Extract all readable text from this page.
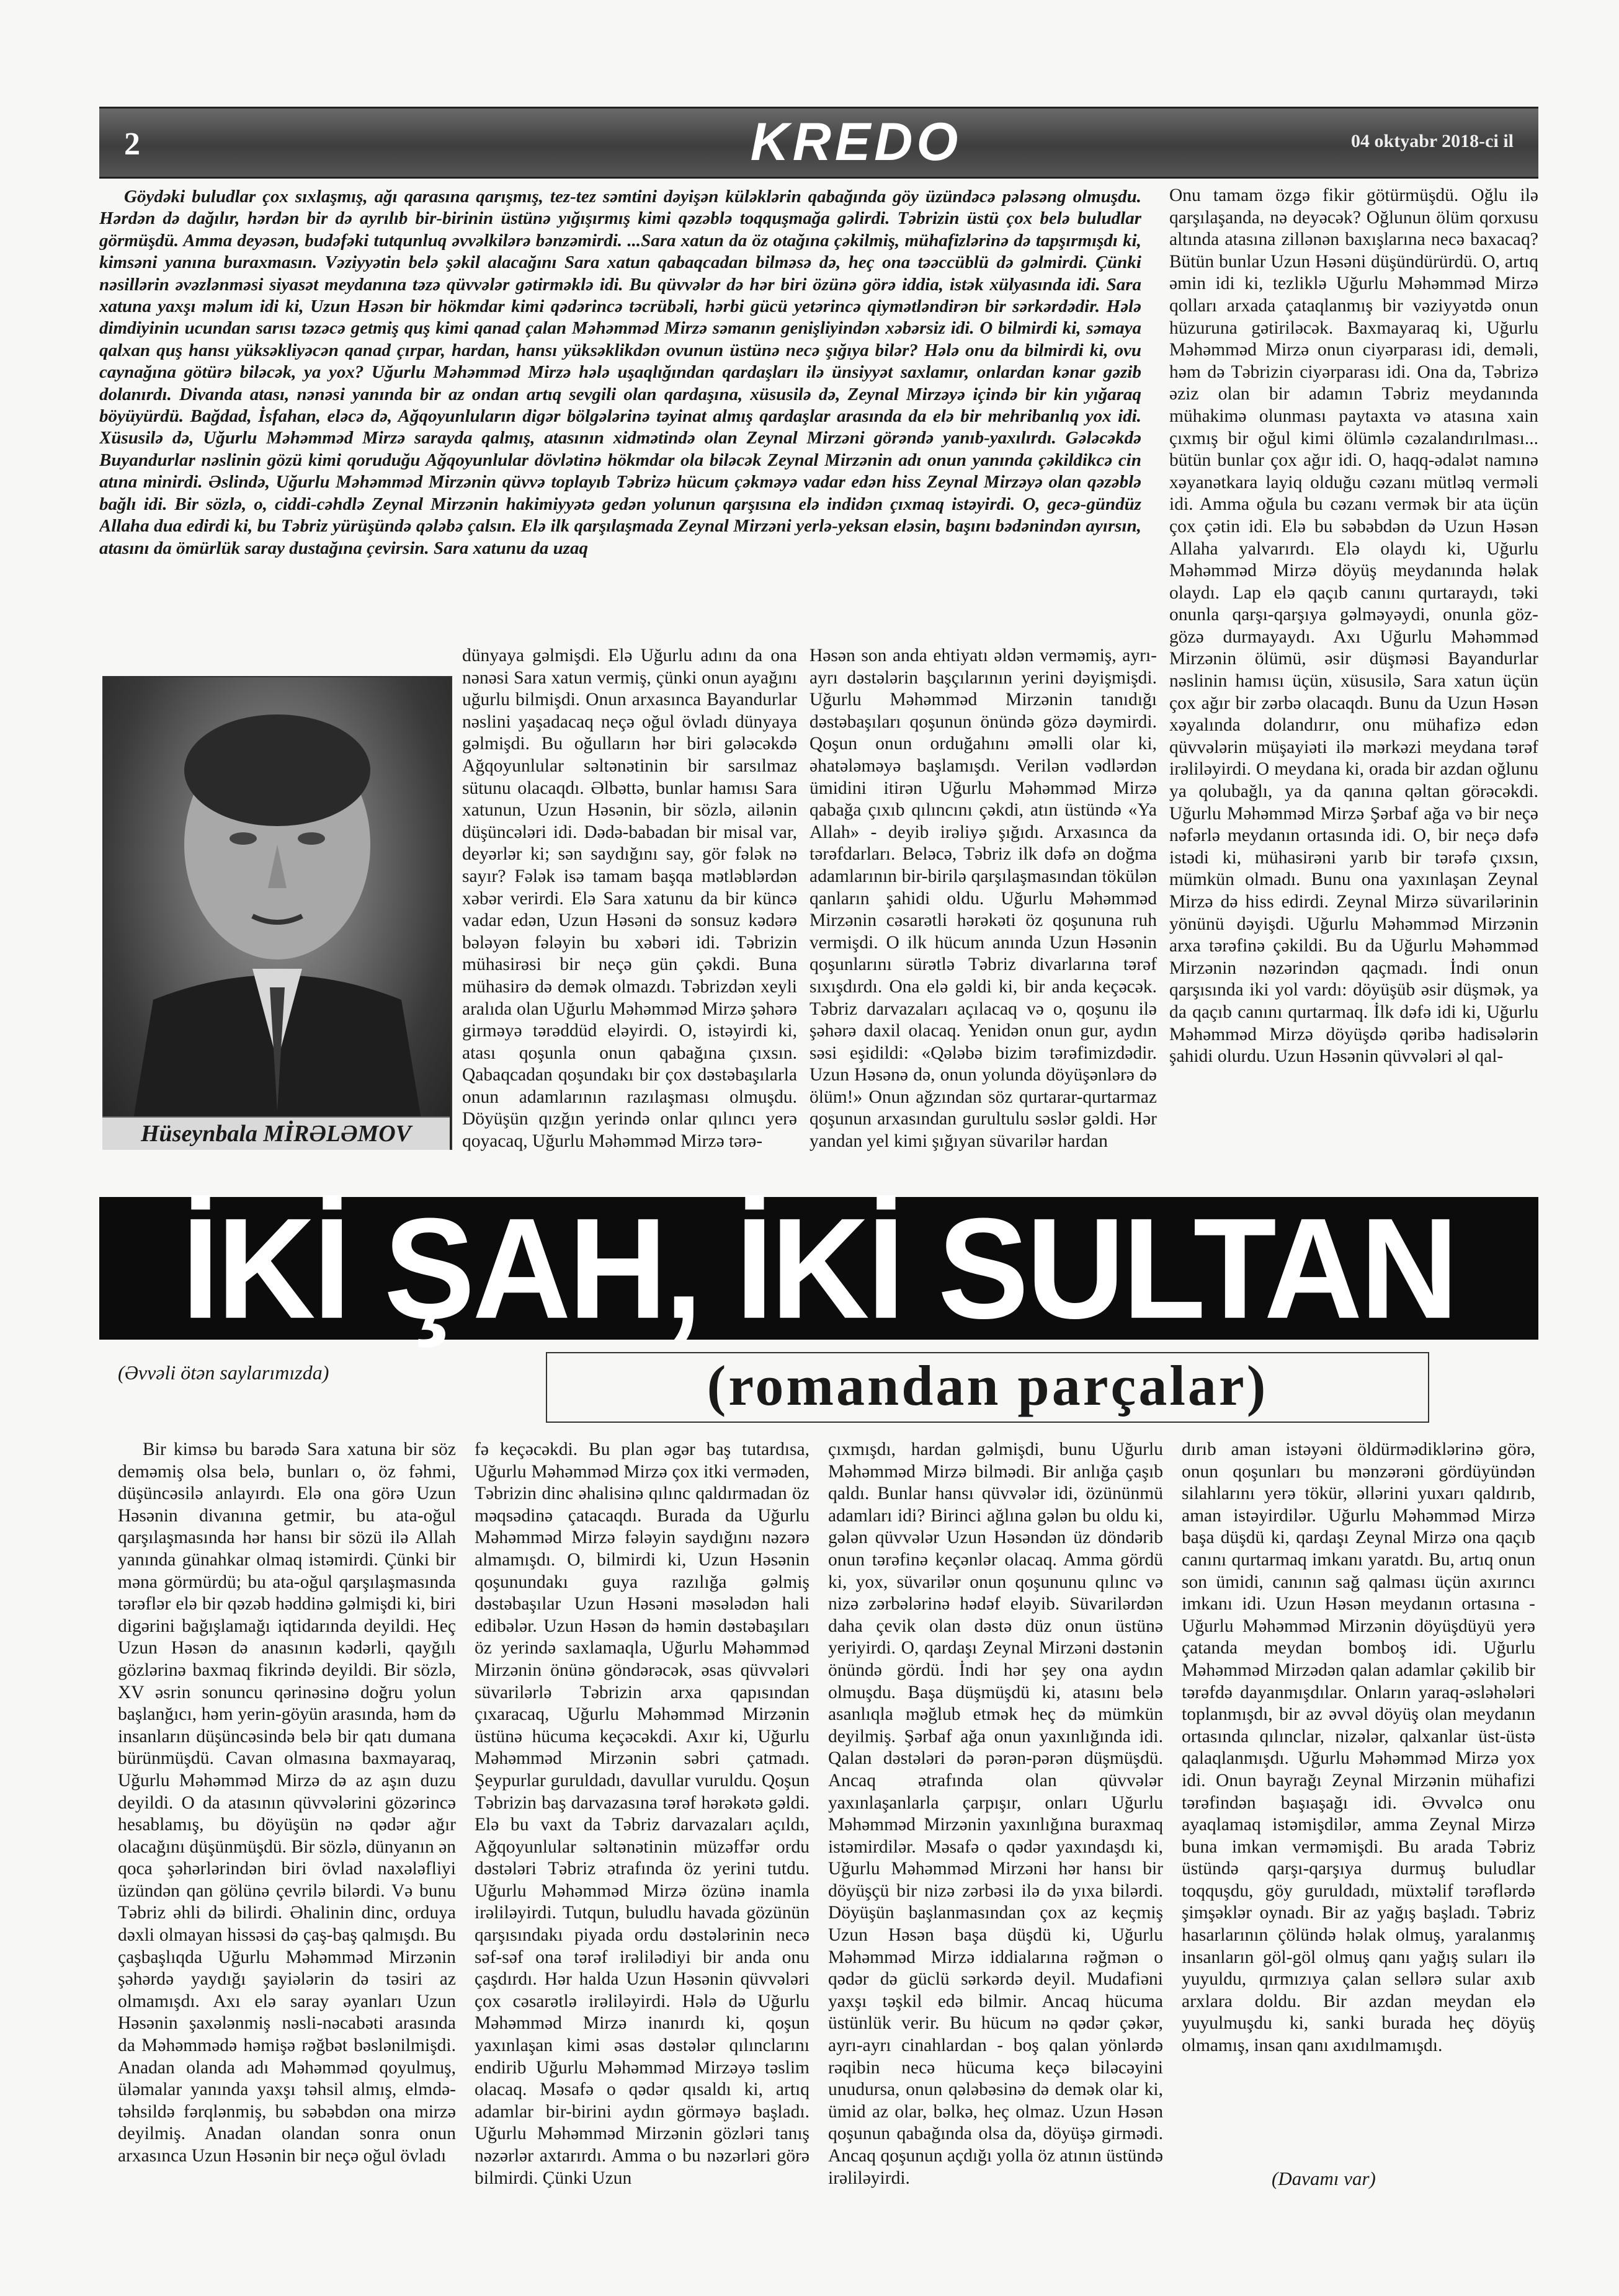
2	KREDO	04 oktyabr 2018-ci il

Göydəki buludlar çox sıxlaşmış, ağı qarasına qarışmış, tez-tez səmtini dəyişən küləklərin qabağında göy üzündəcə pələsəng olmuşdu. Hərdən də dağılır, hərdən bir də ayrılıb bir-birinin üstünə yığışırmış kimi qəzəblə toqquşmağa gəlirdi. Təbrizin üstü çox belə buludlar görmüşdü. Amma deyəsən, budəfəki tutqunluq əvvəlkilərə bənzəmirdi. ...Sara xatun da öz otağına çəkilmiş, mühafizlərinə də tapşırmışdı ki, kimsəni yanına buraxmasın. Vəziyyətin belə şəkil alacağını Sara xatun qabaqcadan bilməsə də, heç ona təəccüblü də gəlmirdi. Çünki nəsillərin əvəzlənməsi siyasət meydanına təzə qüvvələr gətirməklə idi. Bu qüvvələr də hər biri özünə görə iddia, istək xülyasında idi. Sara xatuna yaxşı məlum idi ki, Uzun Həsən bir hökmdar kimi qədərincə təcrübəli, hərbi gücü yetərincə qiymətləndirən bir sərkərdədir. Hələ dimdiyinin ucundan sarısı təzəcə getmiş quş kimi qanad çalan Məhəmməd Mirzə səmanın genişliyindən xəbərsiz idi. O bilmirdi ki, səmaya qalxan quş hansı yüksəkliyəcən qanad çırpar, hardan, hansı yüksəklikdən ovunun üstünə necə şığıya bilər? Hələ onu da bilmirdi ki, ovu caynağına götürə biləcək, ya yox? Uğurlu Məhəmməd Mirzə hələ uşaqlığından qardaşları ilə ünsiyyət saxlamır, onlardan kənar gəzib dolanırdı. Divanda atası, nənəsi yanında bir az ondan artıq sevgili olan qardaşına, xüsusilə də, Zeynal Mirzəyə içində bir kin yığaraq böyüyürdü. Bağdad, İsfahan, eləcə də, Ağqoyunluların digər bölgələrinə təyinat almış qardaşlar arasında da elə bir mehribanlıq yox idi. Xüsusilə də, Uğurlu Məhəmməd Mirzə sarayda qalmış, atasının xidmətində olan Zeynal Mirzəni görəndə yanıb-yaxılırdı. Gələcəkdə Buyandurlar nəslinin gözü kimi qoruduğu Ağqoyunlular dövlətinə hökmdar ola biləcək Zeynal Mirzənin adı onun yanında çəkildikcə cin atına minirdi. Əslində, Uğurlu Məhəmməd Mirzənin qüvvə toplayıb Təbrizə hücum çəkməyə vadar edən hiss Zeynal Mirzəyə olan qəzəblə bağlı idi. Bir sözlə, o, ciddi-cəhdlə Zeynal Mirzənin hakimiyyətə gedən yolunun qarşısına elə indidən çıxmaq istəyirdi. O, gecə-gündüz Allaha dua edirdi ki, bu Təbriz yürüşündə qələbə çalsın. Elə ilk qarşılaşmada Zeynal Mirzəni yerlə-yeksan eləsin, başını bədənindən ayırsın, atasını da ömürlük saray dustağına çevirsin. Sara xatunu da uzaq

Onu tamam özgə fikir götürmüşdü. Oğlu ilə qarşılaşanda, nə deyəcək? Oğlunun ölüm qorxusu altında atasına zillənən baxışlarına necə baxacaq? Bütün bunlar Uzun Həsəni düşündürürdü. O, artıq əmin idi ki, tezliklə Uğurlu Məhəmməd Mirzə qolları arxada çataqlanmış bir vəziyyətdə onun hüzuruna gətiriləcək. Baxmayaraq ki, Uğurlu Məhəmməd Mirzə onun ciyərparası idi, deməli, həm də Təbrizin ciyərparası idi. Ona da, Təbrizə əziz olan bir adamın Təbriz meydanında mühakimə olunması paytaxta və atasına xain çıxmış bir oğul kimi ölümlə cəzalandırılması... bütün bunlar çox ağır idi. O, haqq-ədalət namınə xəyanətkara layiq olduğu cəzanı mütləq verməli idi. Amma oğula bu cəzanı vermək bir ata üçün çox çətin idi. Elə bu səbəbdən də Uzun Həsən Allaha yalvarırdı. Elə olaydı ki, Uğurlu Məhəmməd Mirzə döyüş meydanında həlak olaydı. Lap elə qaçıb canını qurtaraydı, təki onunla qarşı-qarşıya gəlməyəydi, onunla göz-gözə durmayaydı. Axı Uğurlu Məhəmməd Mirzənin ölümü, əsir düşməsi Bayandurlar nəslinin hamısı üçün, xüsusilə, Sara xatun üçün çox ağır bir zərbə olacaqdı. Bunu da Uzun Həsən xəyalında dolandırır, onu mühafizə edən qüvvələrin müşayiəti ilə mərkəzi meydana tərəf irəliləyirdi. O meydana ki, orada bir azdan oğlunu ya qolubağlı, ya da qanına qəltan görəcəkdi. Uğurlu Məhəmməd Mirzə Şərbaf ağa və bir neçə nəfərlə meydanın ortasında idi. O, bir neçə dəfə istədi ki, mühasirəni yarıb bir tərəfə çıxsın, mümkün olmadı. Bunu ona yaxınlaşan Zeynal Mirzə də hiss edirdi. Zeynal Mirzə süvarilərinin yönünü dəyişdi. Uğurlu Məhəmməd Mirzənin arxa tərəfinə çəkildi. Bu da Uğurlu Məhəmməd Mirzənin nəzərindən qaçmadı. İndi onun qarşısında iki yol vardı: döyüşüb əsir düşmək, ya da qaçıb canını qurtarmaq. İlk dəfə idi ki, Uğurlu Məhəmməd Mirzə döyüşdə qəribə hadisələrin şahidi olurdu. Uzun Həsənin qüvvələri əl qal-

Hüseynbala MİRƏLƏMOV

dünyaya gəlmişdi. Elə Uğurlu adını da ona nənəsi Sara xatun vermiş, çünki onun ayağını uğurlu bilmişdi. Onun arxasınca Bayandurlar nəslini yaşadacaq neçə oğul övladı dünyaya gəlmişdi. Bu oğulların hər biri gələcəkdə Ağqoyunlular səltənətinin bir sarsılmaz sütunu olacaqdı. Əlbəttə, bunlar hamısı Sara xatunun, Uzun Həsənin, bir sözlə, ailənin düşüncələri idi. Dədə-babadan bir misal var, deyərlər ki; sən saydığını say, gör fələk nə sayır? Fələk isə tamam başqa mətləblərdən xəbər verirdi. Elə Sara xatunu da bir küncə vadar edən, Uzun Həsəni də sonsuz kədərə bələyən fələyin bu xəbəri idi. Təbrizin mühasirəsi bir neçə gün çəkdi. Buna mühasirə də demək olmazdı. Təbrizdən xeyli aralıda olan Uğurlu Məhəmməd Mirzə şəhərə girməyə tərəddüd eləyirdi. O, istəyirdi ki, atası qoşunla onun qabağına çıxsın. Qabaqcadan qoşundakı bir çox dəstəbaşılarla onun adamlarının razılaşması olmuşdu. Döyüşün qızğın yerində onlar qılıncı yerə qoyacaq, Uğurlu Məhəmməd Mirzə tərə-

Həsən son anda ehtiyatı əldən verməmiş, ayrı-ayrı dəstələrin başçılarının yerini dəyişmişdi. Uğurlu Məhəmməd Mirzənin tanıdığı dəstəbaşıları qoşunun önündə gözə dəymirdi. Qoşun onun orduğahını əməlli olar ki, əhatələməyə başlamışdı. Verilən vədlərdən ümidini itirən Uğurlu Məhəmməd Mirzə qabağa çıxıb qılıncını çəkdi, atın üstündə «Ya Allah» - deyib irəliyə şığıdı. Arxasınca da tərəfdarları. Beləcə, Təbriz ilk dəfə ən doğma adamlarının bir-birilə qarşılaşmasından tökülən qanların şahidi oldu. Uğurlu Məhəmməd Mirzənin cəsarətli hərəkəti öz qoşununa ruh vermişdi. O ilk hücum anında Uzun Həsənin qoşunlarını sürətlə Təbriz divarlarına tərəf sıxışdırdı. Ona elə gəldi ki, bir anda keçəcək. Təbriz darvazaları açılacaq və o, qoşunu ilə şəhərə daxil olacaq. Yenidən onun gur, aydın səsi eşidildi: «Qələbə bizim tərəfimizdədir. Uzun Həsənə də, onun yolunda döyüşənlərə də ölüm!» Onun ağzından söz qurtarar-qurtarmaz qoşunun arxasından gurultulu səslər gəldi. Hər yandan yel kimi şığıyan süvarilər hardan

İKİ ŞAH, İKİ SULTAN
(Əvvəli ötən saylarımızda)	(romandan parçalar)

Bir kimsə bu barədə Sara xatuna bir söz deməmiş olsa belə, bunları o, öz fəhmi, düşüncəsilə anlayırdı. Elə ona görə Uzun Həsənin divanına getmir, bu ata-oğul qarşılaşmasında hər hansı bir sözü ilə Allah yanında günahkar olmaq istəmirdi. Çünki bir məna görmürdü; bu ata-oğul qarşılaşmasında tərəflər elə bir qəzəb həddinə gəlmişdi ki, biri digərini bağışlamağı iqtidarında deyildi. Heç Uzun Həsən də anasının kədərli, qayğılı gözlərinə baxmaq fikrində deyildi. Bir sözlə, XV əsrin sonuncu qərinəsinə doğru yolun başlanğıcı, həm yerin-göyün arasında, həm də insanların düşüncəsində belə bir qatı dumana bürünmüşdü. Cavan olmasına baxmayaraq, Uğurlu Məhəmməd Mirzə də az aşın duzu deyildi. O da atasının qüvvələrini gözərincə hesablamış, bu döyüşün nə qədər ağır olacağını düşünmüşdü. Bir sözlə, dünyanın ən qoca şəhərlərindən biri övlad naxələfliyi üzündən qan gölünə çevrilə bilərdi. Və bunu Təbriz əhli də bilirdi. Əhalinin dinc, orduya dəxli olmayan hissəsi də çaş-baş qalmışdı. Bu çaşbaşlıqda Uğurlu Məhəmməd Mirzənin şəhərdə yaydığı şayiələrin də təsiri az olmamışdı. Axı elə saray əyanları Uzun Həsənin şaxələnmiş nəsli-nəcabəti arasında da Məhəmmədə həmişə rəğbət bəslənilmişdi. Anadan olanda adı Məhəmməd qoyulmuş, üləmalar yanında yaxşı təhsil almış, elmdə-təhsildə fərqlənmiş, bu səbəbdən ona mirzə deyilmiş. Anadan olandan sonra onun arxasınca Uzun Həsənin bir neçə oğul övladı

fə keçəcəkdi. Bu plan əgər baş tutardısa, Uğurlu Məhəmməd Mirzə çox itki verməden, Təbrizin dinc əhalisinə qılınc qaldırmadan öz məqsədinə çatacaqdı. Burada da Uğurlu Məhəmməd Mirzə fələyin saydığını nəzərə almamışdı. O, bilmirdi ki, Uzun Həsənin qoşunundakı guya razılığa gəlmiş dəstəbaşılar Uzun Həsəni məsələdən hali edibələr. Uzun Həsən də həmin dəstəbaşıları öz yerində saxlamaqla, Uğurlu Məhəmməd Mirzənin önünə göndərəcək, əsas qüvvələri süvarilərlə Təbrizin arxa qapısından çıxaracaq, Uğurlu Məhəmməd Mirzənin üstünə hücuma keçəcəkdi. Axır ki, Uğurlu Məhəmməd Mirzənin səbri çatmadı. Şeypurlar guruldadı, davullar vuruldu. Qoşun Təbrizin baş darvazasına tərəf hərəkətə gəldi. Elə bu vaxt da Təbriz darvazaları açıldı, Ağqoyunlular səltənətinin müzəffər ordu dəstələri Təbriz ətrafında öz yerini tutdu. Uğurlu Məhəmməd Mirzə özünə inamla irəliləyirdi. Tutqun, buludlu havada gözünün qarşısındakı piyada ordu dəstələrinin necə səf-səf ona tərəf irəlilədiyi bir anda onu çaşdırdı. Hər halda Uzun Həsənin qüvvələri çox cəsarətlə irəliləyirdi. Hələ də Uğurlu Məhəmməd Mirzə inanırdı ki, qoşun yaxınlaşan kimi əsas dəstələr qılınclarını endirib Uğurlu Məhəmməd Mirzəyə təslim olacaq. Məsafə o qədər qısaldı ki, artıq adamlar bir-birini aydın görməyə başladı. Uğurlu Məhəmməd Mirzənin gözləri tanış nəzərlər axtarırdı. Amma o bu nəzərləri görə bilmirdi. Çünki Uzun

çıxmışdı, hardan gəlmişdi, bunu Uğurlu Məhəmməd Mirzə bilmədi. Bir anlığa çaşıb qaldı. Bunlar hansı qüvvələr idi, özününmü adamları idi? Birinci ağlına gələn bu oldu ki, gələn qüvvələr Uzun Həsəndən üz döndərib onun tərəfinə keçənlər olacaq. Amma gördü ki, yox, süvarilər onun qoşununu qılınc və nizə zərbələrinə hədəf eləyib. Süvarilərdən daha çevik olan dəstə düz onun üstünə yeriyirdi. O, qardaşı Zeynal Mirzəni dəstənin önündə gördü. İndi hər şey ona aydın olmuşdu. Başa düşmüşdü ki, atasını belə asanlıqla məğlub etmək heç də mümkün deyilmiş. Şərbaf ağa onun yaxınlığında idi. Qalan dəstələri də pərən-pərən düşmüşdü. Ancaq ətrafında olan qüvvələr yaxınlaşanlarla çarpışır, onları Uğurlu Məhəmməd Mirzənin yaxınlığına buraxmaq istəmirdilər. Məsafə o qədər yaxındaşdı ki, Uğurlu Məhəmməd Mirzəni hər hansı bir döyüşçü bir nizə zərbəsi ilə də yıxa bilərdi. Döyüşün başlanmasından çox az keçmiş Uzun Həsən başa düşdü ki, Uğurlu Məhəmməd Mirzə iddialarına rəğmən o qədər də güclü sərkərdə deyil. Mudafiəni yaxşı təşkil edə bilmir. Ancaq hücuma üstünlük verir. Bu hücum nə qədər çəkər, ayrı-ayrı cinahlardan - boş qalan yönlərdə rəqibin necə hücuma keçə biləcəyini unudursa, onun qələbəsinə də demək olar ki, ümid az olar, bəlkə, heç olmaz. Uzun Həsən qoşunun qabağında olsa da, döyüşə girmədi. Ancaq qoşunun açdığı yolla öz atının üstündə irəliləyirdi.

dırıb aman istəyəni öldürmədiklərinə görə, onun qoşunları bu mənzərəni gördüyündən silahlarını yerə tökür, əllərini yuxarı qaldırıb, aman istəyirdilər. Uğurlu Məhəmməd Mirzə başa düşdü ki, qardaşı Zeynal Mirzə ona qaçıb canını qurtarmaq imkanı yaratdı. Bu, artıq onun son ümidi, canının sağ qalması üçün axırıncı imkanı idi. Uzun Həsən meydanın ortasına - Uğurlu Məhəmməd Mirzənin döyüşdüyü yerə çatanda meydan bomboş idi. Uğurlu Məhəmməd Mirzədən qalan adamlar çəkilib bir tərəfdə dayanmışdılar. Onların yaraq-əsləhələri toplanmışdı, bir az əvvəl döyüş olan meydanın ortasında qılınclar, nizələr, qalxanlar üst-üstə qalaqlanmışdı. Uğurlu Məhəmməd Mirzə yox idi. Onun bayrağı Zeynal Mirzənin mühafizi tərəfindən başıaşağı idi. Əvvəlcə onu ayaqlamaq istəmişdilər, amma Zeynal Mirzə buna imkan verməmişdi. Bu arada Təbriz üstündə qarşı-qarşıya durmuş buludlar toqquşdu, göy guruldadı, müxtəlif tərəflərdə şimşəklər oynadı. Bir az yağış başladı. Təbriz hasarlarının çölündə həlak olmuş, yaralanmış insanların göl-göl olmuş qanı yağış suları ilə yuyuldu, qırmızıya çalan sellərə sular axıb arxlara doldu. Bir azdan meydan elə yuyulmuşdu ki, sanki burada heç döyüş olmamış, insan qanı axıdılmamışdı.

(Davamı var)
